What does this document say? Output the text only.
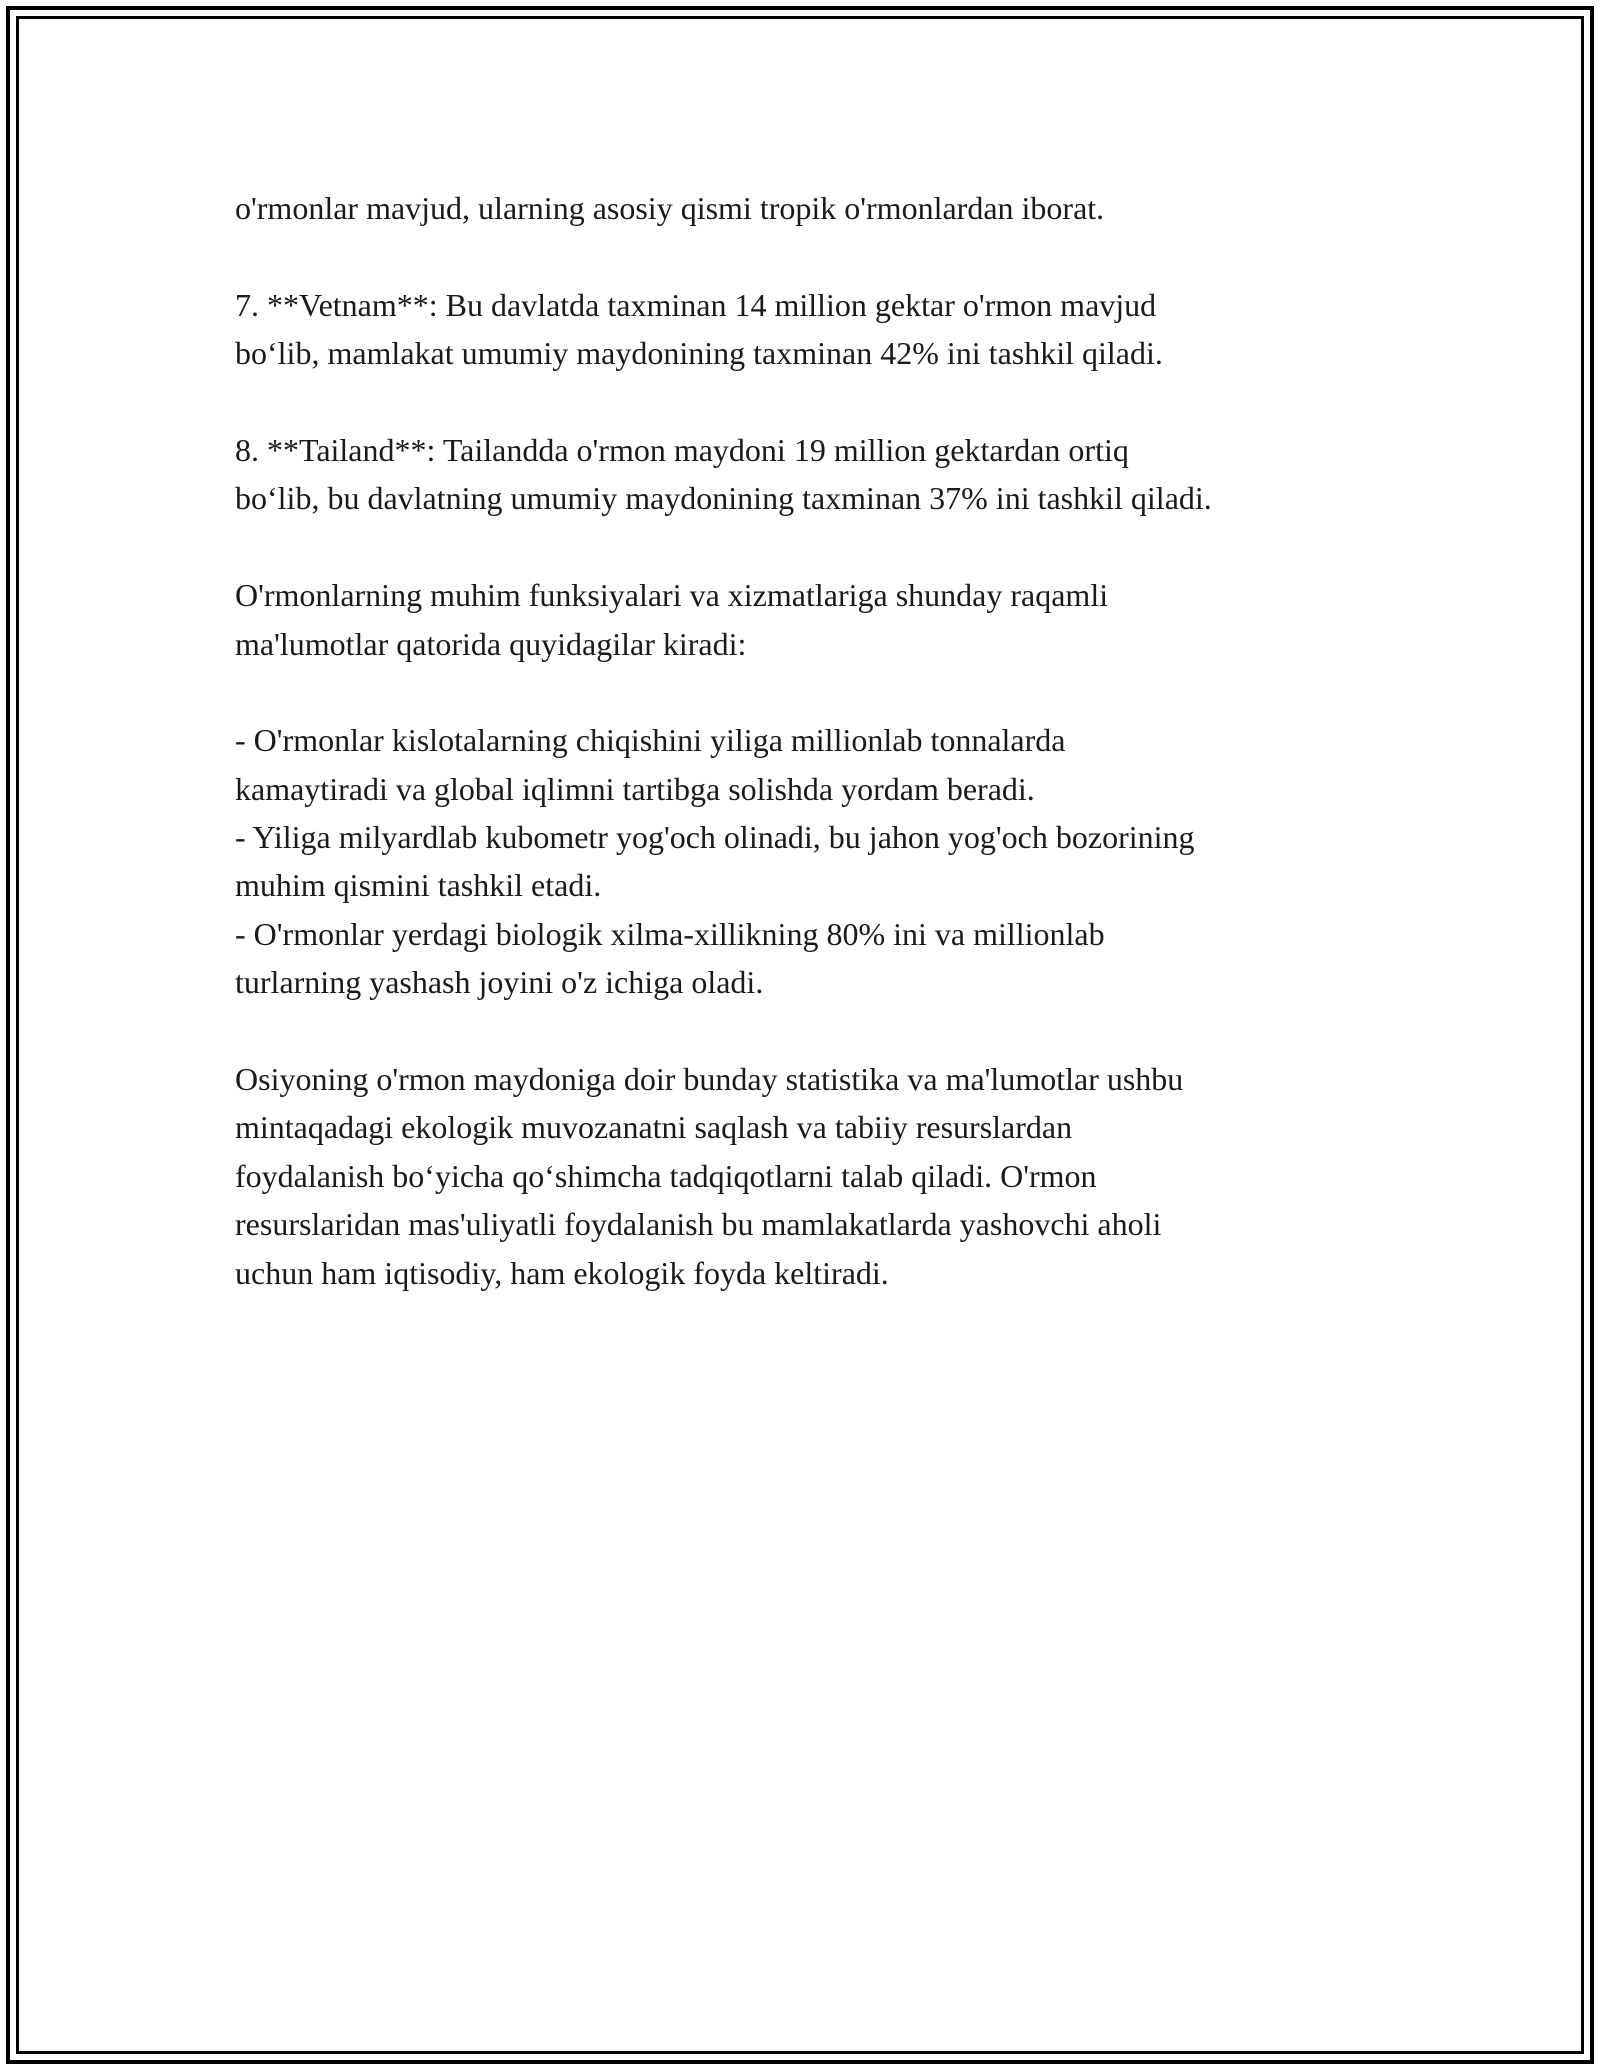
o'rmonlar mavjud, ularning asosiy qismi tropik o'rmonlardan iborat.
7. **Vetnam**: Bu davlatda taxminan 14 million gektar o'rmon mavjud
bo‘lib, mamlakat umumiy maydonining taxminan 42% ini tashkil qiladi.
8. **Tailand**: Tailandda o'rmon maydoni 19 million gektardan ortiq
bo‘lib, bu davlatning umumiy maydonining taxminan 37% ini tashkil qiladi.
O'rmonlarning muhim funksiyalari va xizmatlariga shunday raqamli
ma'lumotlar qatorida quyidagilar kiradi:
- O'rmonlar kislotalarning chiqishini yiliga millionlab tonnalarda
kamaytiradi va global iqlimni tartibga solishda yordam beradi.
- Yiliga milyardlab kubometr yog'och olinadi, bu jahon yog'och bozorining
muhim qismini tashkil etadi.
- O'rmonlar yerdagi biologik xilma-xillikning 80% ini va millionlab
turlarning yashash joyini o'z ichiga oladi.
Osiyoning o'rmon maydoniga doir bunday statistika va ma'lumotlar ushbu
mintaqadagi ekologik muvozanatni saqlash va tabiiy resurslardan
foydalanish bo‘yicha qo‘shimcha tadqiqotlarni talab qiladi. O'rmon
resurslaridan mas'uliyatli foydalanish bu mamlakatlarda yashovchi aholi
uchun ham iqtisodiy, ham ekologik foyda keltiradi.
